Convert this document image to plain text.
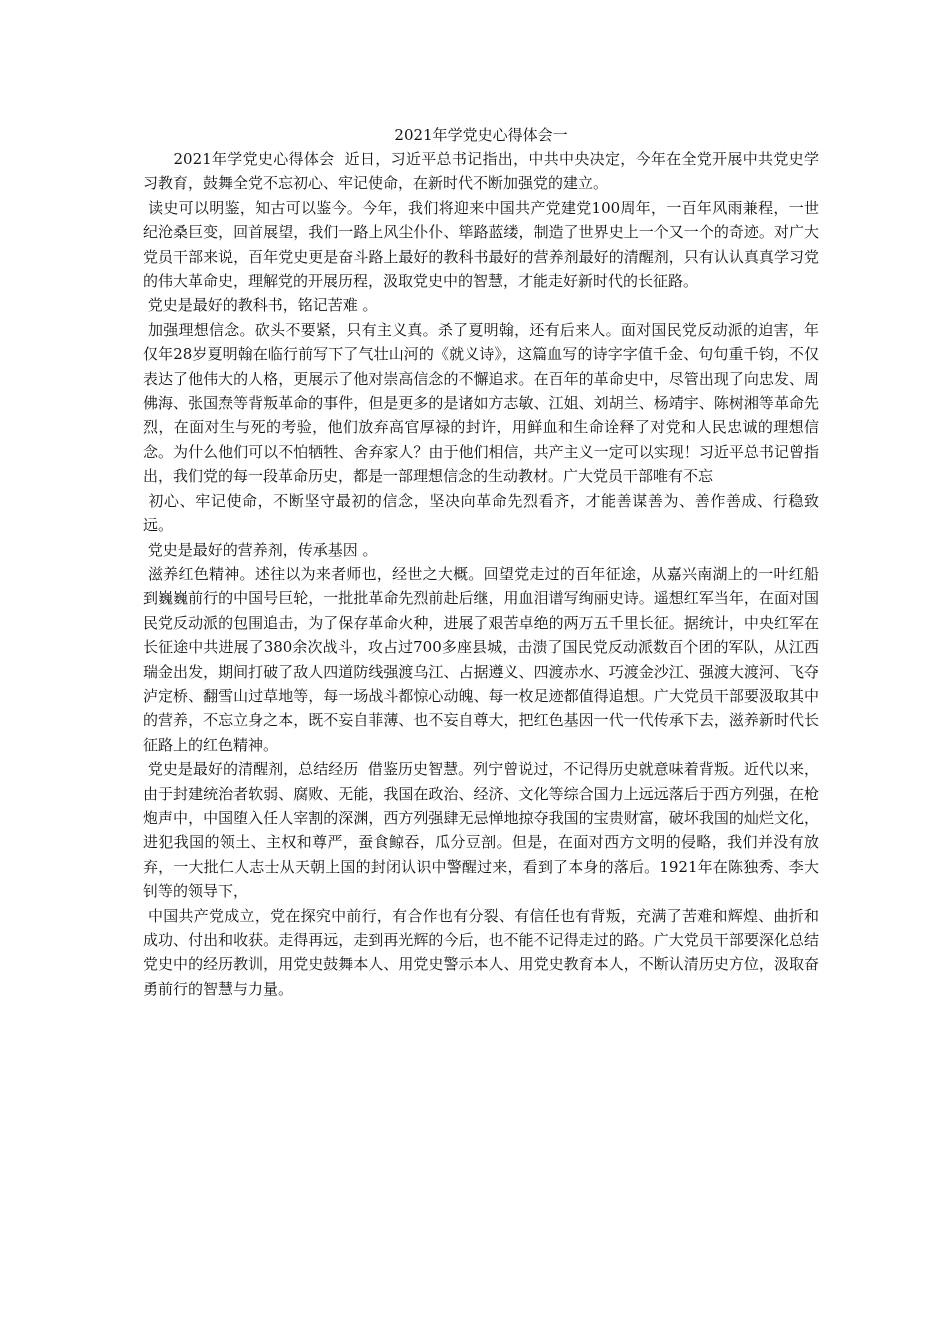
2021年学党史心得体会一

2021年学党史心得体会  近日，习近平总书记指出，中共中央决定，今年在全党开展中共党史学习教育，鼓舞全党不忘初心、牢记使命，在新时代不断加强党的建立。

读史可以明鉴，知古可以鉴今。今年，我们将迎来中国共产党建党100周年，一百年风雨兼程，一世纪沧桑巨变，回首展望，我们一路上风尘仆仆、筚路蓝缕，制造了世界史上一个又一个的奇迹。对广大党员干部来说，百年党史更是奋斗路上最好的教科书最好的营养剂最好的清醒剂，只有认认真真学习党的伟大革命史，理解党的开展历程，汲取党史中的智慧，才能走好新时代的长征路。

党史是最好的教科书，铭记苦难 。

加强理想信念。砍头不要紧，只有主义真。杀了夏明翰，还有后来人。面对国民党反动派的迫害，年仅年28岁夏明翰在临行前写下了气壮山河的《就义诗》，这篇血写的诗字字值千金、句句重千钧，不仅表达了他伟大的人格，更展示了他对崇高信念的不懈追求。在百年的革命史中，尽管出现了向忠发、周佛海、张国焘等背叛革命的事件，但是更多的是诸如方志敏、江姐、刘胡兰、杨靖宇、陈树湘等革命先烈，在面对生与死的考验，他们放弃高官厚禄的封许，用鲜血和生命诠释了对党和人民忠诚的理想信念。为什么他们可以不怕牺牲、舍弃家人？由于他们相信，共产主义一定可以实现！习近平总书记曾指出，我们党的每一段革命历史，都是一部理想信念的生动教材。广大党员干部唯有不忘

初心、牢记使命，不断坚守最初的信念，坚决向革命先烈看齐，才能善谋善为、善作善成、行稳致远。

党史是最好的营养剂，传承基因 。

滋养红色精神。述往以为来者师也，经世之大概。回望党走过的百年征途，从嘉兴南湖上的一叶红船到巍巍前行的中国号巨轮，一批批革命先烈前赴后继，用血泪谱写绚丽史诗。遥想红军当年，在面对国民党反动派的包围追击，为了保存革命火种，进展了艰苦卓绝的两万五千里长征。据统计，中央红军在长征途中共进展了380余次战斗，攻占过700多座县城，击溃了国民党反动派数百个团的军队，从江西瑞金出发，期间打破了敌人四道防线强渡乌江、占据遵义、四渡赤水、巧渡金沙江、强渡大渡河、飞夺泸定桥、翻雪山过草地等，每一场战斗都惊心动魄、每一枚足迹都值得追想。广大党员干部要汲取其中的营养，不忘立身之本，既不妄自菲薄、也不妄自尊大，把红色基因一代一代传承下去，滋养新时代长征路上的红色精神。

党史是最好的清醒剂，总结经历  借鉴历史智慧。列宁曾说过，不记得历史就意味着背叛。近代以来，由于封建统治者软弱、腐败、无能，我国在政治、经济、文化等综合国力上远远落后于西方列强，在枪炮声中，中国堕入任人宰割的深渊，西方列强肆无忌惮地掠夺我国的宝贵财富，破坏我国的灿烂文化，进犯我国的领土、主权和尊严，蚕食鲸吞，瓜分豆剖。但是，在面对西方文明的侵略，我们并没有放弃，一大批仁人志士从天朝上国的封闭认识中警醒过来，看到了本身的落后。1921年在陈独秀、李大钊等的领导下，

中国共产党成立，党在探究中前行，有合作也有分裂、有信任也有背叛，充满了苦难和辉煌、曲折和成功、付出和收获。走得再远，走到再光辉的今后，也不能不记得走过的路。广大党员干部要深化总结党史中的经历教训，用党史鼓舞本人、用党史警示本人、用党史教育本人，不断认清历史方位，汲取奋勇前行的智慧与力量。
